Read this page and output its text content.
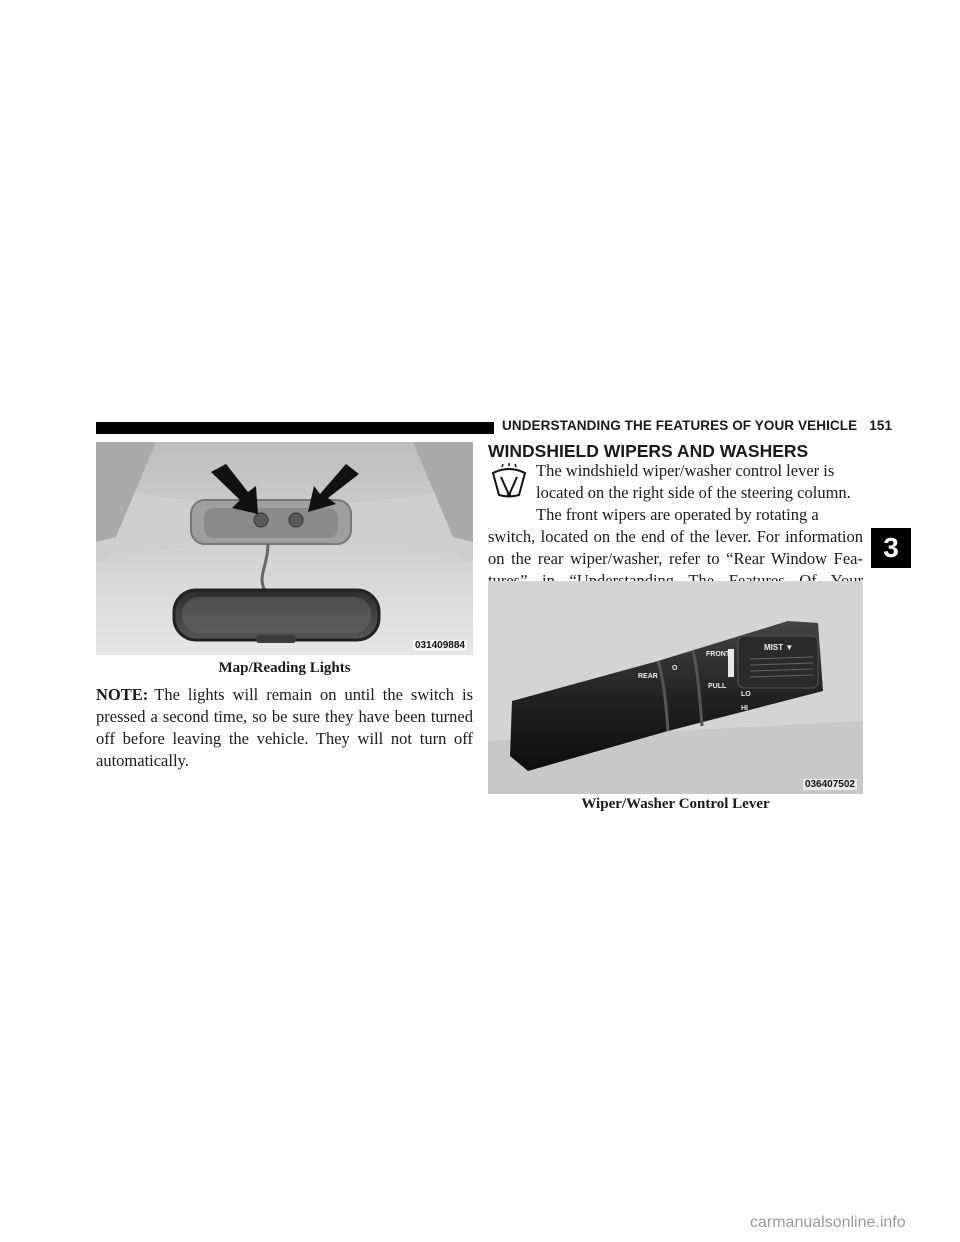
UNDERSTANDING THE FEATURES OF YOUR VEHICLE 151
3
031409884
Map/Reading Lights
NOTE: The lights will remain on until the switch is pressed a second time, so be sure they have been turned off before leaving the vehicle. They will not turn off automatically.
WINDSHIELD WIPERS AND WASHERS

The windshield wiper/washer control lever is

located on the right side of the steering column.

The front wipers are operated by rotating a

switch, located on the end of the lever. For information on the rear wiper/washer, refer to “Rear Window Fea-
REAR
FRONT
PULL
LO
HI
MIST ▼
O
036407502
Wiper/Washer Control Lever
carmanualsonline.info
